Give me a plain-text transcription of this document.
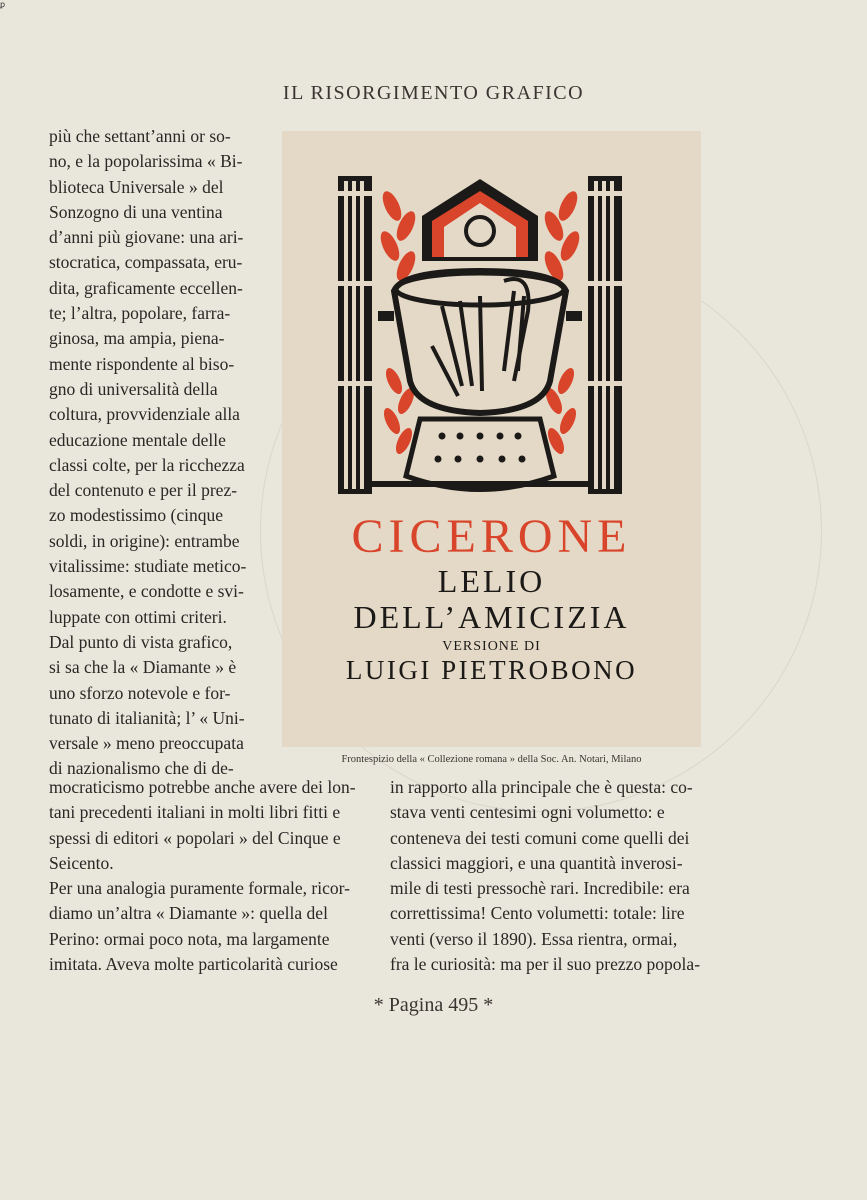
ꝑ
IL RISORGIMENTO GRAFICO
più che settant’anni or so-
no, e la popolarissima « Bi-
blioteca Universale » del
Sonzogno di una ventina
d’anni più giovane: una ari-
stocratica, compassata, eru-
dita, graficamente eccellen-
te; l’altra, popolare, farra-
ginosa, ma ampia, piena-
mente rispondente al biso-
gno di universalità della
coltura, provvidenziale alla
educazione mentale delle
classi colte, per la ricchezza
del contenuto e per il prez-
zo modestissimo (cinque
soldi, in origine): entrambe
vitalissime: studiate metico-
losamente, e condotte e svi-
luppate con ottimi criteri.
Dal punto di vista grafico,
si sa che la « Diamante » è
uno sforzo notevole e for-
tunato di italianità; l’ « Uni-
versale » meno preoccupata
di nazionalismo che di de-
CICERONE
LELIO
DELL’AMICIZIA
VERSIONE DI
LUIGI PIETROBONO
Frontespizio della « Collezione romana » della Soc. An. Notari, Milano
mocraticismo potrebbe anche avere dei lon-
tani precedenti italiani in molti libri fitti e
spessi di editori « popolari » del Cinque e
Seicento.
Per una analogia puramente formale, ricor-
diamo un’altra « Diamante »: quella del
Perino: ormai poco nota, ma largamente
imitata. Aveva molte particolarità curiose
in rapporto alla principale che è questa: co-
stava venti centesimi ogni volumetto: e
conteneva dei testi comuni come quelli dei
classici maggiori, e una quantità inverosi-
mile di testi pressochè rari. Incredibile: era
correttissima! Cento volumetti: totale: lire
venti (verso il 1890). Essa rientra, ormai,
fra le curiosità: ma per il suo prezzo popola-
* Pagina 495 *
